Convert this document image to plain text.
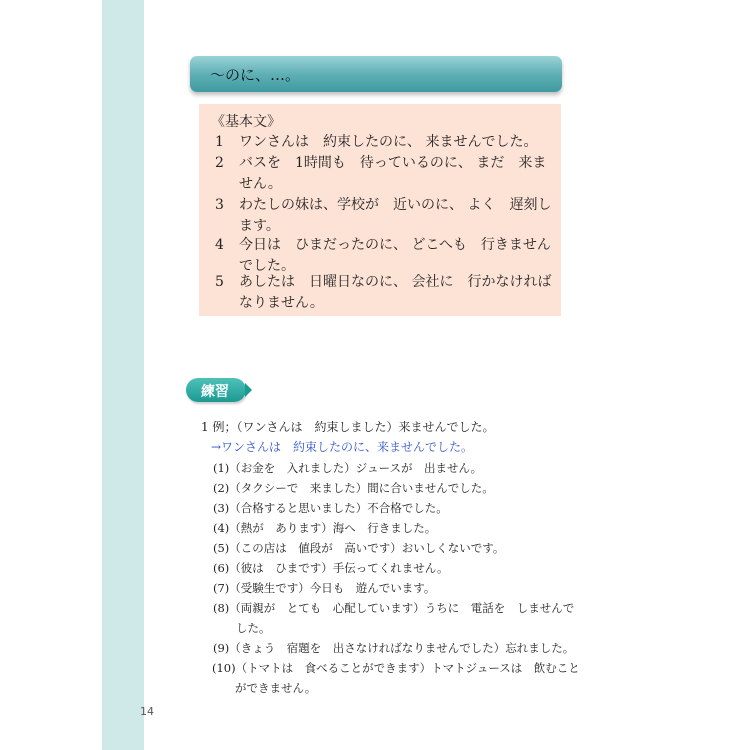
～のに、…。
《基本文》
1 ワンさんは　約束したのに、 来ませんでした。
2 バスを　1時間も　待っているのに、 まだ　来ま
せん。
3 わたしの妹は、学校が　近いのに、 よく　遅刻し
ます。
4 今日は　ひまだったのに、 どこへも　行きません
でした。
5 あしたは　日曜日なのに、 会社に　行かなければ
なりません。
練習
1 例；（ワンさんは　約束しました）来ませんでした。
→ワンさんは　約束したのに、来ませんでした。
(1)（お金を　入れました）ジュースが　出ません。
(2)（タクシーで　来ました）間に合いませんでした。
(3)（合格すると思いました）不合格でした。
(4)（熱が　あります）海へ　行きました。
(5)（この店は　値段が　高いです）おいしくないです。
(6)（彼は　ひまです）手伝ってくれません。
(7)（受験生です）今日も　遊んでいます。
(8)（両親が　とても　心配しています）うちに　電話を　しませんで
した。
(9)（きょう　宿題を　出さなければなりませんでした）忘れました。
(10)（トマトは　食べることができます）トマトジュースは　飲むこと
ができません。
14
